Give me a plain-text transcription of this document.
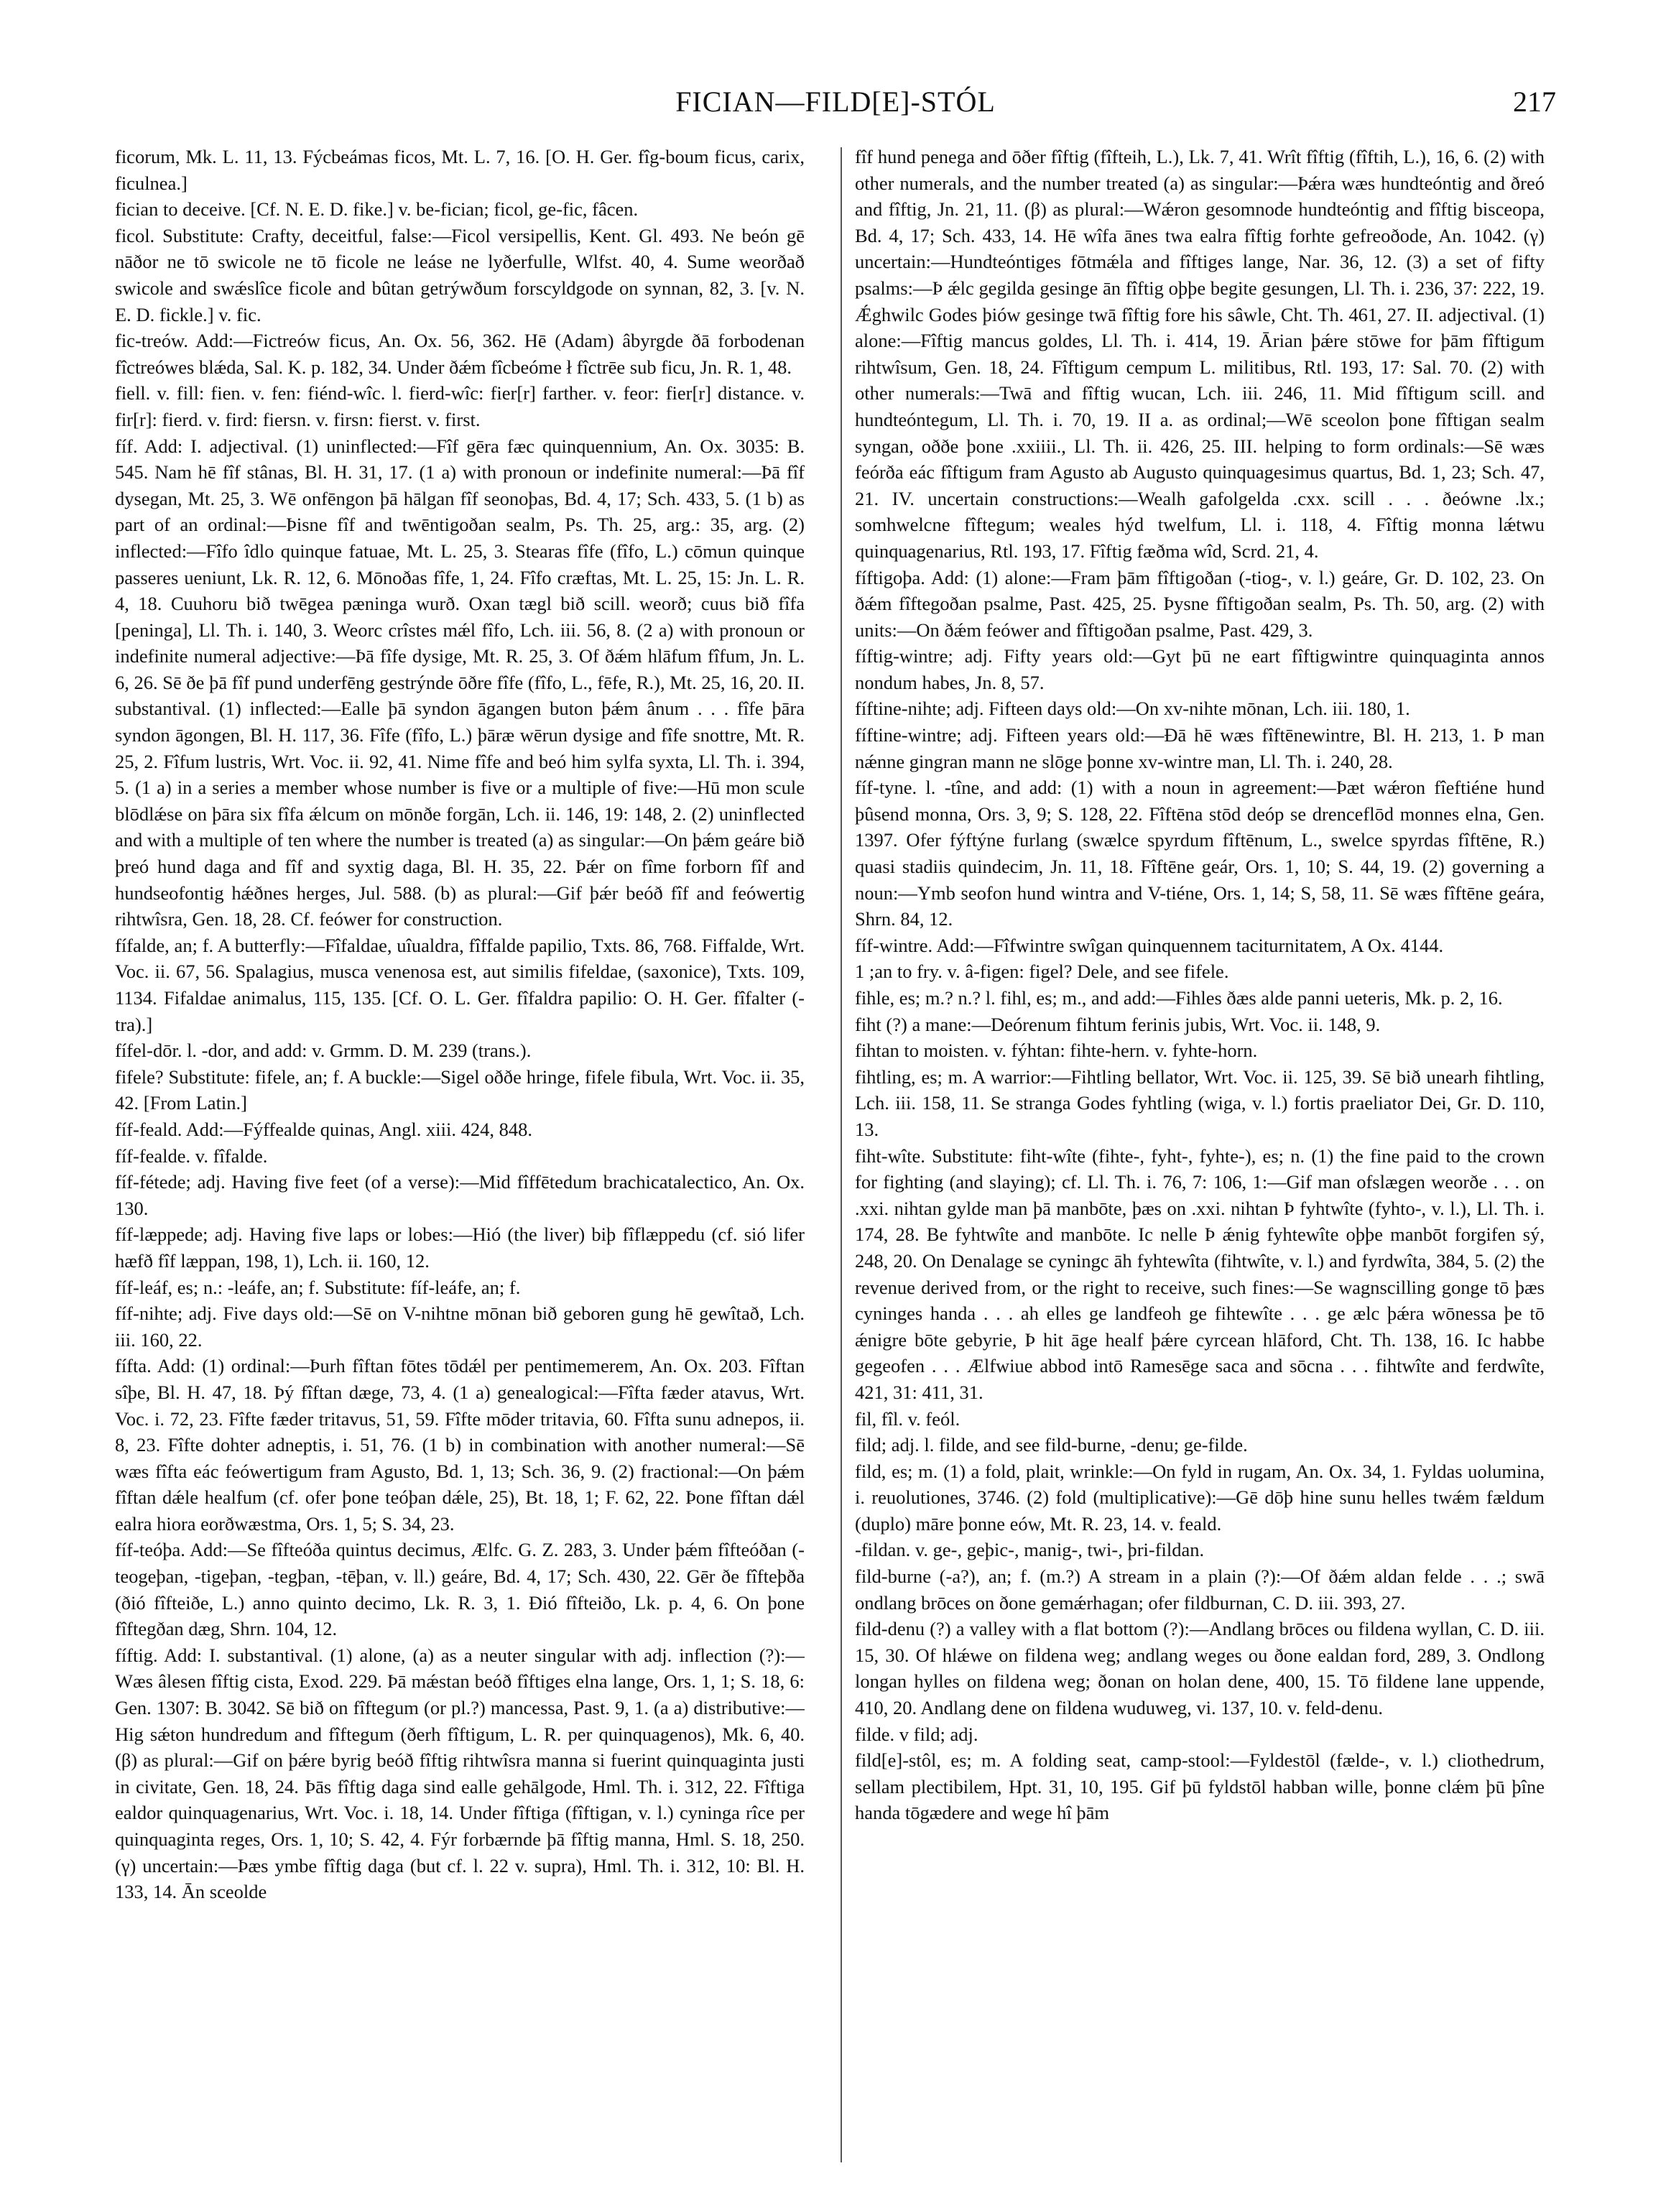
FICIAN—FILD[E]-STÓL	217

ficorum, Mk. L. 11, 13. Fýcbeámas ficos, Mt. L. 7, 16. [O. H. Ger. fîg-boum ficus, carix, ficulnea.]

fician to deceive. [Cf. N. E. D. fike.] v. be-fician; ficol, ge-fic, fâcen.

ficol. Substitute: Crafty, deceitful, false:—Ficol versipellis, Kent. Gl. 493. Ne beón gē nāðor ne tō swicole ne tō ficole ne leáse ne lyðerfulle, Wlfst. 40, 4. Sume weorðað swicole and swǽslîce ficole and bûtan getrýwðum forscyldgode on synnan, 82, 3. [v. N. E. D. fickle.] v. fic.

fic-treów. Add:—Fictreów ficus, An. Ox. 56, 362. Hē (Adam) âbyrgde ðā forbodenan fîctreówes blǽda, Sal. K. p. 182, 34. Under ðǽm fîcbeóme ł fîctrēe sub ficu, Jn. R. 1, 48.

fiell. v. fill: fien. v. fen: fiénd-wîc. l. fierd-wîc: fier[r] farther. v. feor: fier[r] distance. v. fir[r]: fierd. v. fird: fiersn. v. firsn: fierst. v. first.

fíf. Add: I. adjectival. (1) uninflected:—Fîf gēra fæc quinquennium, An. Ox. 3035: B. 545. Nam hē fîf stânas, Bl. H. 31, 17. (1 a) with pronoun or indefinite numeral:—Þā fîf dysegan, Mt. 25, 3. Wē onfēngon þā hālgan fîf seonoþas, Bd. 4, 17; Sch. 433, 5. (1 b) as part of an ordinal:—Þisne fîf and twēntigoðan sealm, Ps. Th. 25, arg.: 35, arg. (2) inflected:—Fîfo îdlo quinque fatuae, Mt. L. 25, 3. Stearas fîfe (fîfo, L.) cōmun quinque passeres ueniunt, Lk. R. 12, 6. Mōnoðas fîfe, 1, 24. Fîfo cræftas, Mt. L. 25, 15: Jn. L. R. 4, 18. Cuuhoru bið twēgea pæninga wurð. Oxan tægl bið scill. weorð; cuus bið fîfa [peninga], Ll. Th. i. 140, 3. Weorc crîstes mǽl fîfo, Lch. iii. 56, 8. (2 a) with pronoun or indefinite numeral adjective:—Þā fîfe dysige, Mt. R. 25, 3. Of ðǽm hlāfum fîfum, Jn. L. 6, 26. Sē ðe þā fîf pund underfēng gestrýnde ōðre fîfe (fîfo, L., fēfe, R.), Mt. 25, 16, 20. II. substantival. (1) inflected:—Ealle þā syndon āgangen buton þǽm ânum . . . fîfe þāra syndon āgongen, Bl. H. 117, 36. Fîfe (fîfo, L.) þāræ wērun dysige and fîfe snottre, Mt. R. 25, 2. Fîfum lustris, Wrt. Voc. ii. 92, 41. Nime fîfe and beó him sylfa syxta, Ll. Th. i. 394, 5. (1 a) in a series a member whose number is five or a multiple of five:—Hū mon scule blōdlǽse on þāra six fîfa ǽlcum on mōnðe forgān, Lch. ii. 146, 19: 148, 2. (2) uninflected and with a multiple of ten where the number is treated (a) as singular:—On þǽm geáre bið þreó hund daga and fîf and syxtig daga, Bl. H. 35, 22. Þǽr on fîme forborn fîf and hundseofontig hǽðnes herges, Jul. 588. (b) as plural:—Gif þǽr beóð fîf and feówertig rihtwîsra, Gen. 18, 28. Cf. feówer for construction.

fífalde, an; f. A butterfly:—Fîfaldae, uîualdra, fîffalde papilio, Txts. 86, 768. Fiffalde, Wrt. Voc. ii. 67, 56. Spalagius, musca venenosa est, aut similis fifeldae, (saxonice), Txts. 109, 1134. Fifaldae animalus, 115, 135. [Cf. O. L. Ger. fîfaldra papilio: O. H. Ger. fîfalter (-tra).]

fífel-dōr. l. -dor, and add: v. Grmm. D. M. 239 (trans.).

fifele? Substitute: fifele, an; f. A buckle:—Sigel oððe hringe, fifele fibula, Wrt. Voc. ii. 35, 42. [From Latin.]

fíf-feald. Add:—Fýffealde quinas, Angl. xiii. 424, 848.

fíf-fealde. v. fîfalde.

fíf-fétede; adj. Having five feet (of a verse):—Mid fîffētedum brachicatalectico, An. Ox. 130.

fíf-læppede; adj. Having five laps or lobes:—Hió (the liver) biþ fîflæppedu (cf. sió lifer hæfð fîf læppan, 198, 1), Lch. ii. 160, 12.

fíf-leáf, es; n.: -leáfe, an; f. Substitute: fíf-leáfe, an; f.

fíf-nihte; adj. Five days old:—Sē on V-nihtne mōnan bið geboren gung hē gewîtað, Lch. iii. 160, 22.

fífta. Add: (1) ordinal:—Þurh fîftan fōtes tōdǽl per pentimemerem, An. Ox. 203. Fîftan sîþe, Bl. H. 47, 18. Þý fîftan dæge, 73, 4. (1 a) genealogical:—Fîfta fæder atavus, Wrt. Voc. i. 72, 23. Fîfte fæder tritavus, 51, 59. Fîfte mōder tritavia, 60. Fîfta sunu adnepos, ii. 8, 23. Fîfte dohter adneptis, i. 51, 76. (1 b) in combination with another numeral:—Sē wæs fîfta eác feówertigum fram Agusto, Bd. 1, 13; Sch. 36, 9. (2) fractional:—On þǽm fîftan dǽle healfum (cf. ofer þone teóþan dǽle, 25), Bt. 18, 1; F. 62, 22. Þone fîftan dǽl ealra hiora eorðwæstma, Ors. 1, 5; S. 34, 23.

fíf-teóþa. Add:—Se fîfteóða quintus decimus, Ælfc. G. Z. 283, 3. Under þǽm fîfteóðan (-teogeþan, -tigeþan, -tegþan, -tēþan, v. ll.) geáre, Bd. 4, 17; Sch. 430, 22. Gēr ðe fîfteþða (ðió fîfteiðe, L.) anno quinto decimo, Lk. R. 3, 1. Ðió fîfteiðo, Lk. p. 4, 6. On þone fîftegðan dæg, Shrn. 104, 12.

fíftig. Add: I. substantival. (1) alone, (a) as a neuter singular with adj. inflection (?):—Wæs âlesen fîftig cista, Exod. 229. Þā mǽstan beóð fîftiges elna lange, Ors. 1, 1; S. 18, 6: Gen. 1307: B. 3042. Sē bið on fîftegum (or pl.?) mancessa, Past. 9, 1. (a a) distributive:—Hig sǽton hundredum and fîftegum (ðerh fîftigum, L. R. per quinquagenos), Mk. 6, 40. (β) as plural:—Gif on þǽre byrig beóð fîftig rihtwîsra manna si fuerint quinquaginta justi in civitate, Gen. 18, 24. Þās fîftig daga sind ealle gehālgode, Hml. Th. i. 312, 22. Fîftiga ealdor quinquagenarius, Wrt. Voc. i. 18, 14. Under fîftiga (fîftigan, v. l.) cyninga rîce per quinquaginta reges, Ors. 1, 10; S. 42, 4. Fýr forbærnde þā fîftig manna, Hml. S. 18, 250. (γ) uncertain:—Þæs ymbe fîftig daga (but cf. l. 22 v. supra), Hml. Th. i. 312, 10: Bl. H. 133, 14. Ān sceolde

fîf hund penega and ōðer fîftig (fîfteih, L.), Lk. 7, 41. Wrît fîftig (fîftih, L.), 16, 6. (2) with other numerals, and the number treated (a) as singular:—Þǽra wæs hundteóntig and ðreó and fîftig, Jn. 21, 11. (β) as plural:—Wǽron gesomnode hundteóntig and fîftig bisceopa, Bd. 4, 17; Sch. 433, 14. Hē wîfa ānes twa ealra fîftig forhte gefreoðode, An. 1042. (γ) uncertain:—Hundteóntiges fōtmǽla and fîftiges lange, Nar. 36, 12. (3) a set of fifty psalms:—Þ ǽlc gegilda gesinge ān fîftig oþþe begite gesungen, Ll. Th. i. 236, 37: 222, 19. Ǽghwilc Godes þiów gesinge twā fîftig fore his sâwle, Cht. Th. 461, 27. II. adjectival. (1) alone:—Fîftig mancus goldes, Ll. Th. i. 414, 19. Ārian þǽre stōwe for þām fîftigum rihtwîsum, Gen. 18, 24. Fîftigum cempum L. militibus, Rtl. 193, 17: Sal. 70. (2) with other numerals:—Twā and fîftig wucan, Lch. iii. 246, 11. Mid fîftigum scill. and hundteóntegum, Ll. Th. i. 70, 19. II a. as ordinal;—Wē sceolon þone fîftigan sealm syngan, oððe þone .xxiiii., Ll. Th. ii. 426, 25. III. helping to form ordinals:—Sē wæs feórða eác fîftigum fram Agusto ab Augusto quinquagesimus quartus, Bd. 1, 23; Sch. 47, 21. IV. uncertain constructions:—Wealh gafolgelda .cxx. scill . . . ðeówne .lx.; somhwelcne fîftegum; weales hýd twelfum, Ll. i. 118, 4. Fîftig monna lǽtwu quinquagenarius, Rtl. 193, 17. Fîftig fæðma wîd, Scrd. 21, 4.

fíftigoþa. Add: (1) alone:—Fram þām fîftigoðan (-tiog-, v. l.) geáre, Gr. D. 102, 23. On ðǽm fîftegoðan psalme, Past. 425, 25. Þysne fîftigoðan sealm, Ps. Th. 50, arg. (2) with units:—On ðǽm feówer and fîftigoðan psalme, Past. 429, 3.

fíftig-wintre; adj. Fifty years old:—Gyt þū ne eart fîftigwintre quinquaginta annos nondum habes, Jn. 8, 57.

fíftine-nihte; adj. Fifteen days old:—On xv-nihte mōnan, Lch. iii. 180, 1.

fíftine-wintre; adj. Fifteen years old:—Ðā hē wæs fîftēnewintre, Bl. H. 213, 1. Þ man nǽnne gingran mann ne slōge þonne xv-wintre man, Ll. Th. i. 240, 28.

fíf-tyne. l. -tîne, and add: (1) with a noun in agreement:—Þæt wǽron fîeftiéne hund þûsend monna, Ors. 3, 9; S. 128, 22. Fîftēna stōd deóp se drenceflōd monnes elna, Gen. 1397. Ofer fýftýne furlang (swælce spyrdum fîftēnum, L., swelce spyrdas fîftēne, R.) quasi stadiis quindecim, Jn. 11, 18. Fîftēne geár, Ors. 1, 10; S. 44, 19. (2) governing a noun:—Ymb seofon hund wintra and V-tiéne, Ors. 1, 14; S, 58, 11. Sē wæs fîftēne geára, Shrn. 84, 12.

fíf-wintre. Add:—Fîfwintre swîgan quinquennem taciturnitatem, A Ox. 4144.

1 ;an to fry. v. â-figen: figel? Dele, and see fifele.

fihle, es; m.? n.? l. fihl, es; m., and add:—Fihles ðæs alde panni ueteris, Mk. p. 2, 16.

fiht (?) a mane:—Deórenum fihtum ferinis jubis, Wrt. Voc. ii. 148, 9.

fihtan to moisten. v. fýhtan: fihte-hern. v. fyhte-horn.

fihtling, es; m. A warrior:—Fihtling bellator, Wrt. Voc. ii. 125, 39. Sē bið unearh fihtling, Lch. iii. 158, 11. Se stranga Godes fyhtling (wiga, v. l.) fortis praeliator Dei, Gr. D. 110, 13.

fiht-wîte. Substitute: fiht-wîte (fihte-, fyht-, fyhte-), es; n. (1) the fine paid to the crown for fighting (and slaying); cf. Ll. Th. i. 76, 7: 106, 1:—Gif man ofslægen weorðe . . . on .xxi. nihtan gylde man þā manbōte, þæs on .xxi. nihtan Þ fyhtwîte (fyhto-, v. l.), Ll. Th. i. 174, 28. Be fyhtwîte and manbōte. Ic nelle Þ ǽnig fyhtewîte oþþe manbōt forgifen sý, 248, 20. On Denalage se cyningc āh fyhtewîta (fihtwîte, v. l.) and fyrdwîta, 384, 5. (2) the revenue derived from, or the right to receive, such fines:—Se wagnscilling gonge tō þæs cyninges handa . . . ah elles ge landfeoh ge fihtewîte . . . ge ælc þǽra wōnessa þe tō ǽnigre bōte gebyrie, Þ hit āge healf þǽre cyrcean hlāford, Cht. Th. 138, 16. Ic habbe gegeofen . . . Ælfwiue abbod intō Ramesēge saca and sōcna . . . fihtwîte and ferdwîte, 421, 31: 411, 31.

fil, fîl. v. feól.

fild; adj. l. filde, and see fild-burne, -denu; ge-filde.

fild, es; m. (1) a fold, plait, wrinkle:—On fyld in rugam, An. Ox. 34, 1. Fyldas uolumina, i. reuolutiones, 3746. (2) fold (multiplicative):—Gē dōþ hine sunu helles twǽm fældum (duplo) māre þonne eów, Mt. R. 23, 14. v. feald.

-fildan. v. ge-, geþic-, manig-, twi-, þri-fildan.

fild-burne (-a?), an; f. (m.?) A stream in a plain (?):—Of ðǽm aldan felde . . .; swā ondlang brōces on ðone gemǽrhagan; ofer fildburnan, C. D. iii. 393, 27.

fild-denu (?) a valley with a flat bottom (?):—Andlang brōces ou fildena wyllan, C. D. iii. 15, 30. Of hlǽwe on fildena weg; andlang weges ou ðone ealdan ford, 289, 3. Ondlong longan hylles on fildena weg; ðonan on holan dene, 400, 15. Tō fildene lane uppende, 410, 20. Andlang dene on fildena wuduweg, vi. 137, 10. v. feld-denu.

filde. v fild; adj.

fild[e]-stôl, es; m. A folding seat, camp-stool:—Fyldestōl (fælde-, v. l.) cliothedrum, sellam plectibilem, Hpt. 31, 10, 195. Gif þū fyldstōl habban wille, þonne clǽm þū þîne handa tōgædere and wege hî þām
